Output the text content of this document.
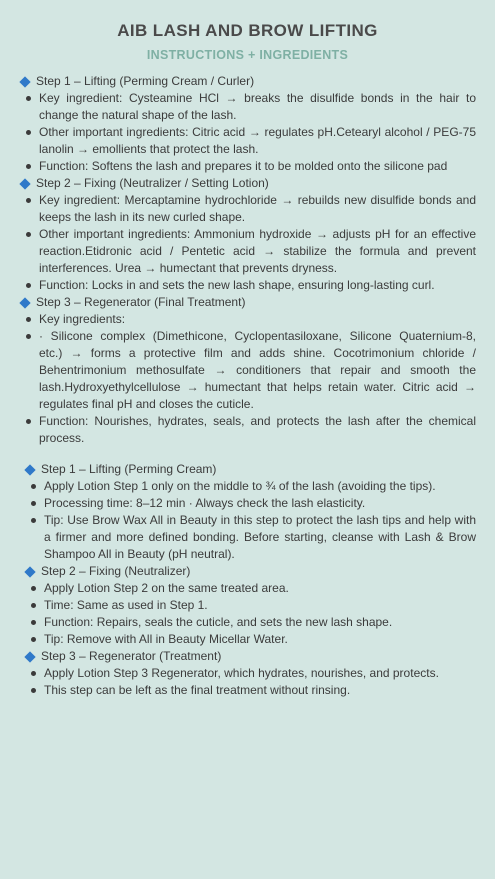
AIB LASH AND BROW LIFTING
INSTRUCTIONS + INGREDIENTS
Step 1 – Lifting (Perming Cream / Curler)
Key ingredient: Cysteamine HCl → breaks the disulfide bonds in the hair to change the natural shape of the lash.
Other important ingredients: Citric acid → regulates pH.Cetearyl alcohol / PEG-75 lanolin → emollients that protect the lash.
Function: Softens the lash and prepares it to be molded onto the silicone pad
Step 2 – Fixing (Neutralizer / Setting Lotion)
Key ingredient: Mercaptamine hydrochloride → rebuilds new disulfide bonds and keeps the lash in its new curled shape.
Other important ingredients: Ammonium hydroxide → adjusts pH for an effective reaction.Etidronic acid / Pentetic acid → stabilize the formula and prevent interferences. Urea → humectant that prevents dryness.
Function: Locks in and sets the new lash shape, ensuring long-lasting curl.
Step 3 – Regenerator (Final Treatment)
Key ingredients:
· Silicone complex (Dimethicone, Cyclopentasiloxane, Silicone Quaternium-8, etc.) → forms a protective film and adds shine. Cocotrimonium chloride / Behentrimonium methosulfate → conditioners that repair and smooth the lash.Hydroxyethylcellulose → humectant that helps retain water. Citric acid → regulates final pH and closes the cuticle.
Function: Nourishes, hydrates, seals, and protects the lash after the chemical process.
Step 1 – Lifting (Perming Cream)
Apply Lotion Step 1 only on the middle to ¾ of the lash (avoiding the tips).
Processing time: 8–12 min · Always check the lash elasticity.
Tip: Use Brow Wax All in Beauty in this step to protect the lash tips and help with a firmer and more defined bonding. Before starting, cleanse with Lash & Brow Shampoo All in Beauty (pH neutral).
Step 2 – Fixing (Neutralizer)
Apply Lotion Step 2 on the same treated area.
Time: Same as used in Step 1.
Function: Repairs, seals the cuticle, and sets the new lash shape.
Tip: Remove with All in Beauty Micellar Water.
Step 3 – Regenerator (Treatment)
Apply Lotion Step 3 Regenerator, which hydrates, nourishes, and protects.
This step can be left as the final treatment without rinsing.
